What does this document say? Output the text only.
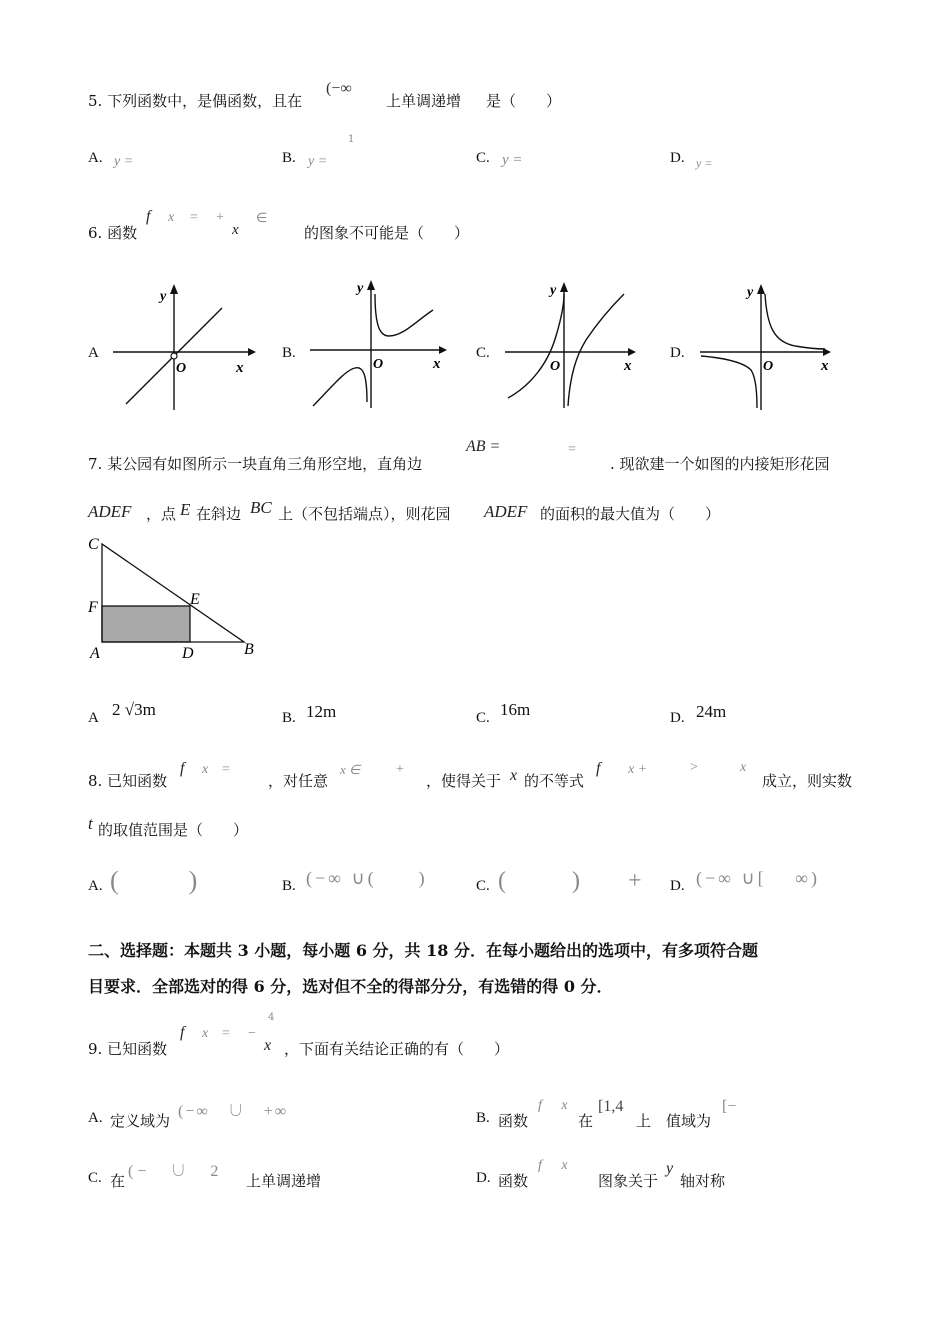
5. 下列函数中，是偶函数，且在
(−∞
上单调递增 是（　　）
1
A. y =	B. y =	C. y =	D. y =
6. 函数
f x = + ∈
x	的图象不可能是（　　）
A
y
x
O
B.
y
x
O
C.
y
x
O
D.
y
x
O
7. 某公园有如图所示一块直角三角形空地，直角边
AB =	=
. 现欲建一个如图的内接矩形花园
ADEF ，点 E 在斜边 BC 上（不包括端点），则花园 ADEF 的面积的最大值为（　　）
C
F	E
A	D	B
A 2 √3m	B. 12m	C. 16m	D. 24m
8. 已知函数
f x =
，对任意
x ∈	+
，使得关于 x 的不等式
f x +	>	x
成立，则实数
t 的取值范围是（　　）
A. (　　)	B. (−∞ ∪(　　)	C. (　　)　 + D. (−∞ ∪[　 ∞)
二、选择题：本题共 3 小题，每小题 6 分，共 18 分．在每小题给出的选项中，有多项符合题
目要求．全部选对的得 6 分，选对但不全的得部分分，有选错的得 0 分．
9. 已知函数
f x = −
4
x ，下面有关结论正确的有（　　）
A. 定义域为
(−∞　∪　+∞	B. 函数
f x
在
[1,4
上　值域为
[−
C. 在
(−　∪　2
上单调递增	D. 函数
f x
图象关于
y
轴对称
